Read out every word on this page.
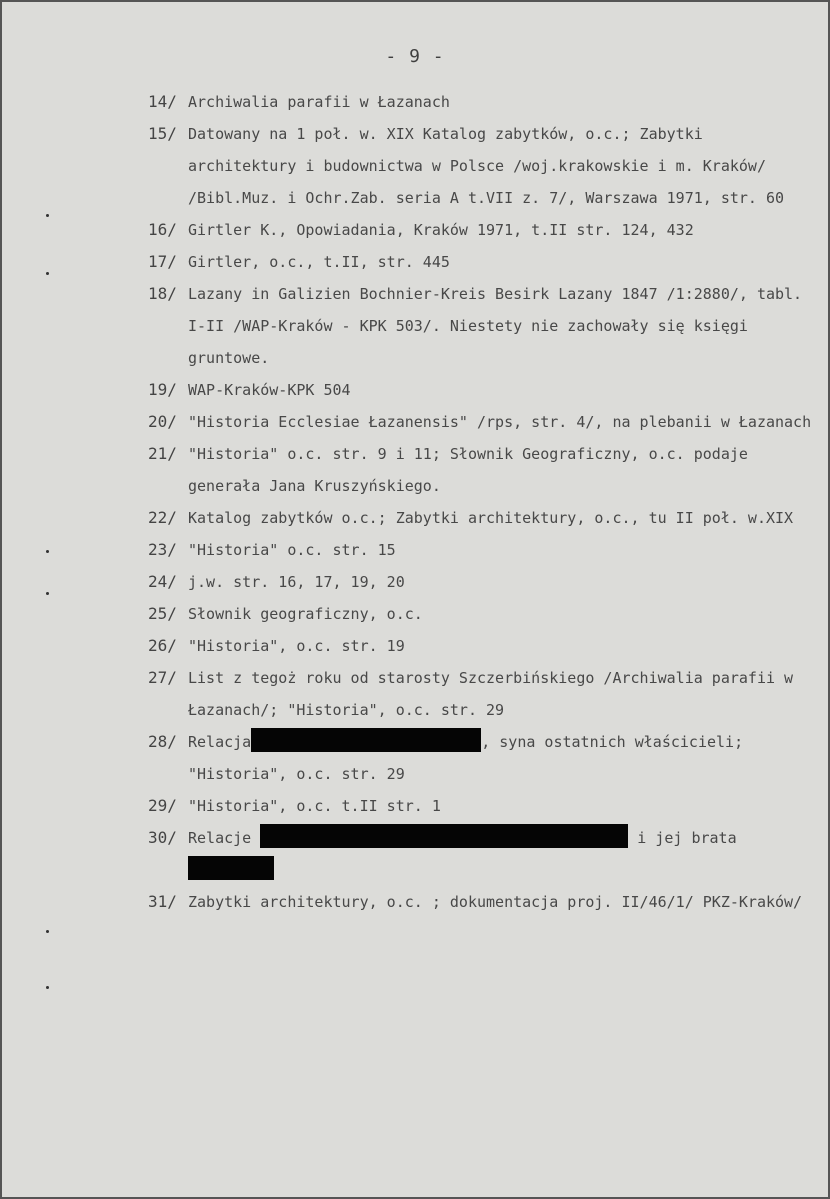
- 9 -
14/ Archiwalia parafii w Łazanach
15/ Datowany na 1 poł. w. XIX Katalog zabytków, o.c.; Zabytki architektury i budownictwa w Polsce /woj.krakowskie i m. Kraków/ /Bibl.Muz. i Ochr.Zab. seria A t.VII z. 7/, Warszawa 1971, str. 60
16/ Girtler K., Opowiadania, Kraków 1971, t.II str. 124, 432
17/ Girtler, o.c., t.II, str. 445
18/ Lazany in Galizien Bochnier-Kreis Besirk Lazany 1847 /1:2880/, tabl. I-II /WAP-Kraków - KPK 503/. Niestety nie zachowały się księgi gruntowe.
19/ WAP-Kraków-KPK 504
20/ "Historia Ecclesiae Łazanensis" /rps, str. 4/, na plebanii w Łazanach
21/ "Historia" o.c. str. 9 i 11; Słownik Geograficzny, o.c. podaje generała Jana Kruszyńskiego.
22/ Katalog zabytków o.c.; Zabytki architektury, o.c., tu II poł. w.XIX
23/ "Historia" o.c. str. 15
24/ j.w. str. 16, 17, 19, 20
25/ Słownik geograficzny, o.c.
26/ "Historia", o.c. str. 19
27/ List z tegoż roku od starosty Szczerbińskiego /Archiwalia parafii w Łazanach/; "Historia", o.c. str. 29
28/ Relacja	, syna ostatnich właścicieli; "Historia", o.c. str. 29
29/ "Historia", o.c. t.II str. 1
30/ Relacje	i jej brata

31/ Zabytki architektury, o.c. ; dokumentacja proj. II/46/1/ PKZ-Kraków/
